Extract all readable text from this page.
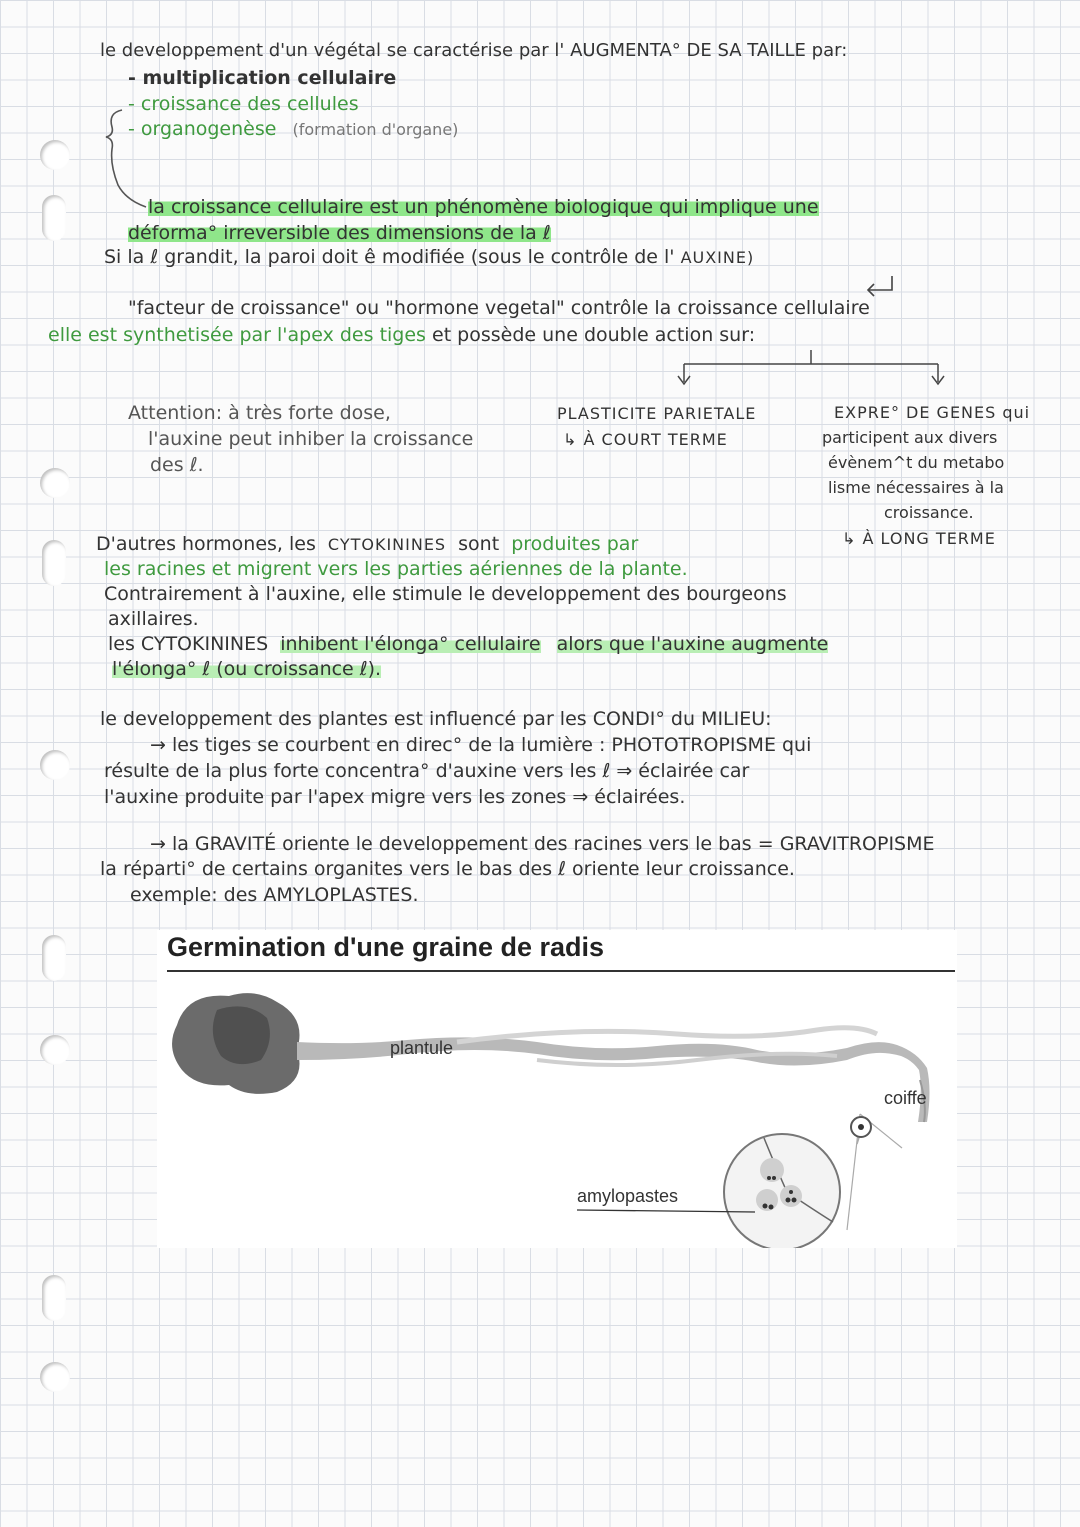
le developpement d'un végétal se caractérise par l' AUGMENTA° DE SA TAILLE par:
- multiplication cellulaire
- croissance des cellules
- organogenèse (formation d'organe)
la croissance cellulaire est un phénomène biologique qui implique une
déforma° irreversible des dimensions de la ℓ
Si la ℓ grandit, la paroi doit ê modifiée (sous le contrôle de l' AUXINE)
"facteur de croissance" ou "hormone vegetal" contrôle la croissance cellulaire
elle est synthetisée par l'apex des tiges et possède une double action sur:
Attention: à très forte dose,
l'auxine peut inhiber la croissance
des ℓ.
PLASTICITE PARIETALE
↳ À COURT TERME
EXPRE° DE GENES qui
participent aux divers
évènem^t du metabo
lisme nécessaires à la
croissance.
↳ À LONG TERME
D'autres hormones, les CYTOKININES sont produites par
les racines et migrent vers les parties aériennes de la plante.
Contrairement à l'auxine, elle stimule le developpement des bourgeons
axillaires.
les CYTOKININES inhibent l'élonga° cellulaire alors que l'auxine augmente
l'élonga° ℓ (ou croissance ℓ).
le developpement des plantes est influencé par les CONDI° du MILIEU:
→ les tiges se courbent en direc° de la lumière : PHOTOTROPISME qui
résulte de la plus forte concentra° d'auxine vers les ℓ ⇒ éclairée car
l'auxine produite par l'apex migre vers les zones ⇒ éclairées.
→ la GRAVITÉ oriente le developpement des racines vers le bas = GRAVITROPISME
la réparti° de certains organites vers le bas des ℓ oriente leur croissance.
exemple: des AMYLOPLASTES.
Germination d'une graine de radis
plantule
coiffe
amylopastes
